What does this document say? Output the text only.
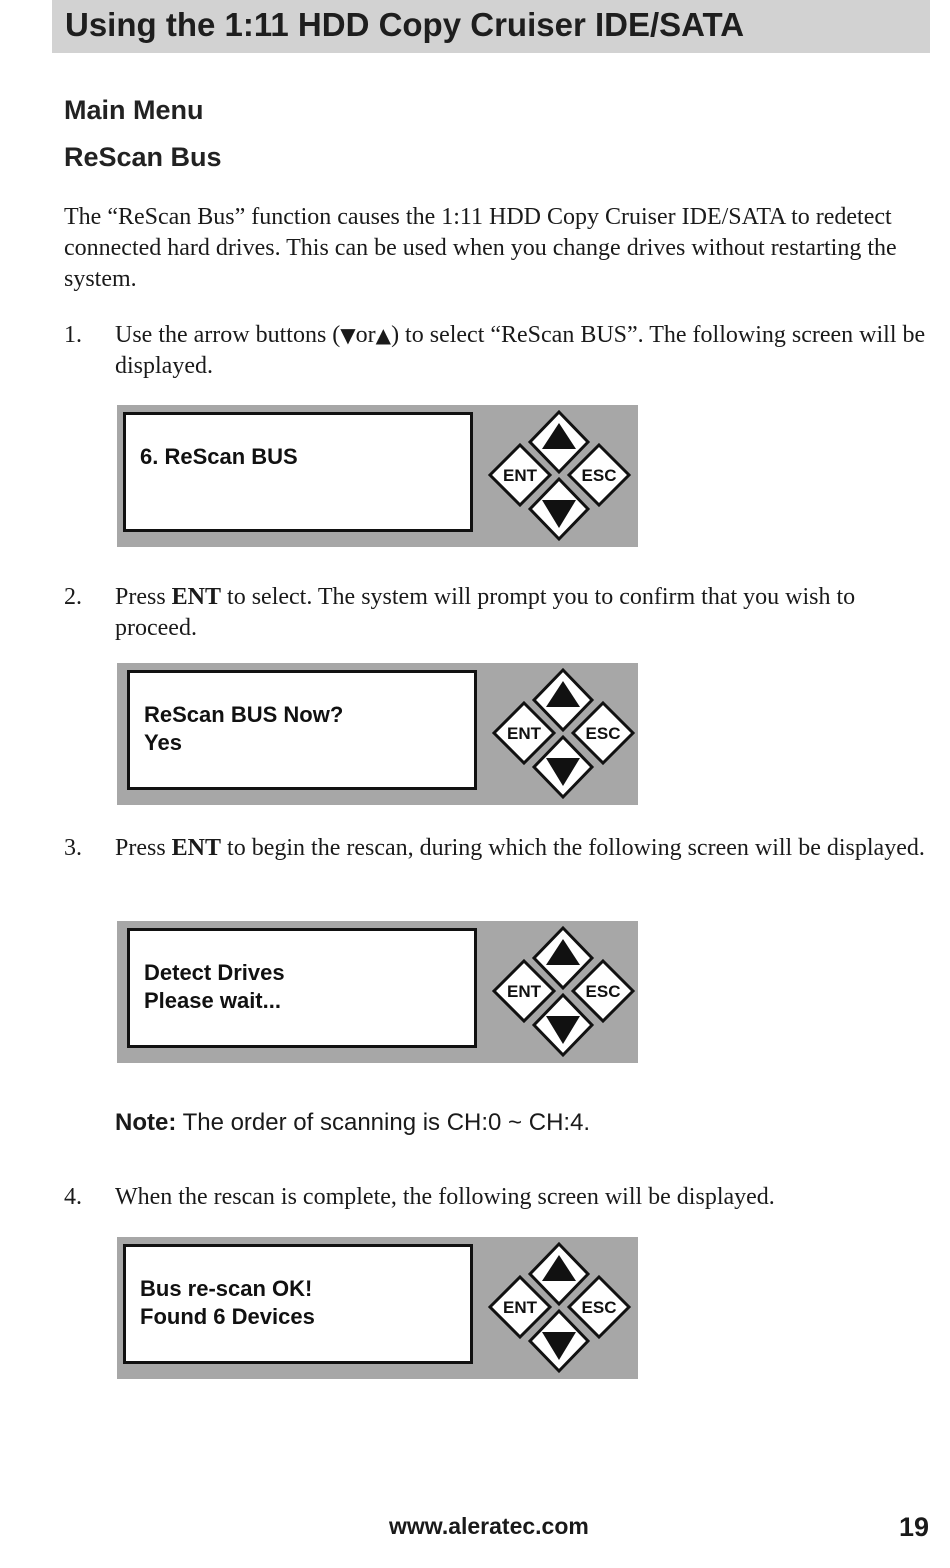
Using the 1:11 HDD Copy Cruiser IDE/SATA
Main Menu
ReScan Bus

The “ReScan Bus” function causes the 1:11 HDD Copy Cruiser IDE/SATA to redetect connected hard drives. This can be used when you change drives without restarting the system.

1. Use the arrow buttons (▼or▲) to select “ReScan BUS”. The following screen will be displayed.

6. ReScan BUS
ENT	ESC
2. Press ENT to select. The system will prompt you to confirm that you wish to proceed.

ReScan BUS Now?
Yes	ENT	ESC
3. Press ENT to begin the rescan, during which the following screen will be displayed.

Detect Drives
Please wait...	ENT	ESC
Note: The order of scanning is CH:0 ~ CH:4.
4. When the rescan is complete, the following screen will be displayed.

Bus re-scan OK!
Found 6 Devices	ENT	ESC
www.aleratec.com	19
